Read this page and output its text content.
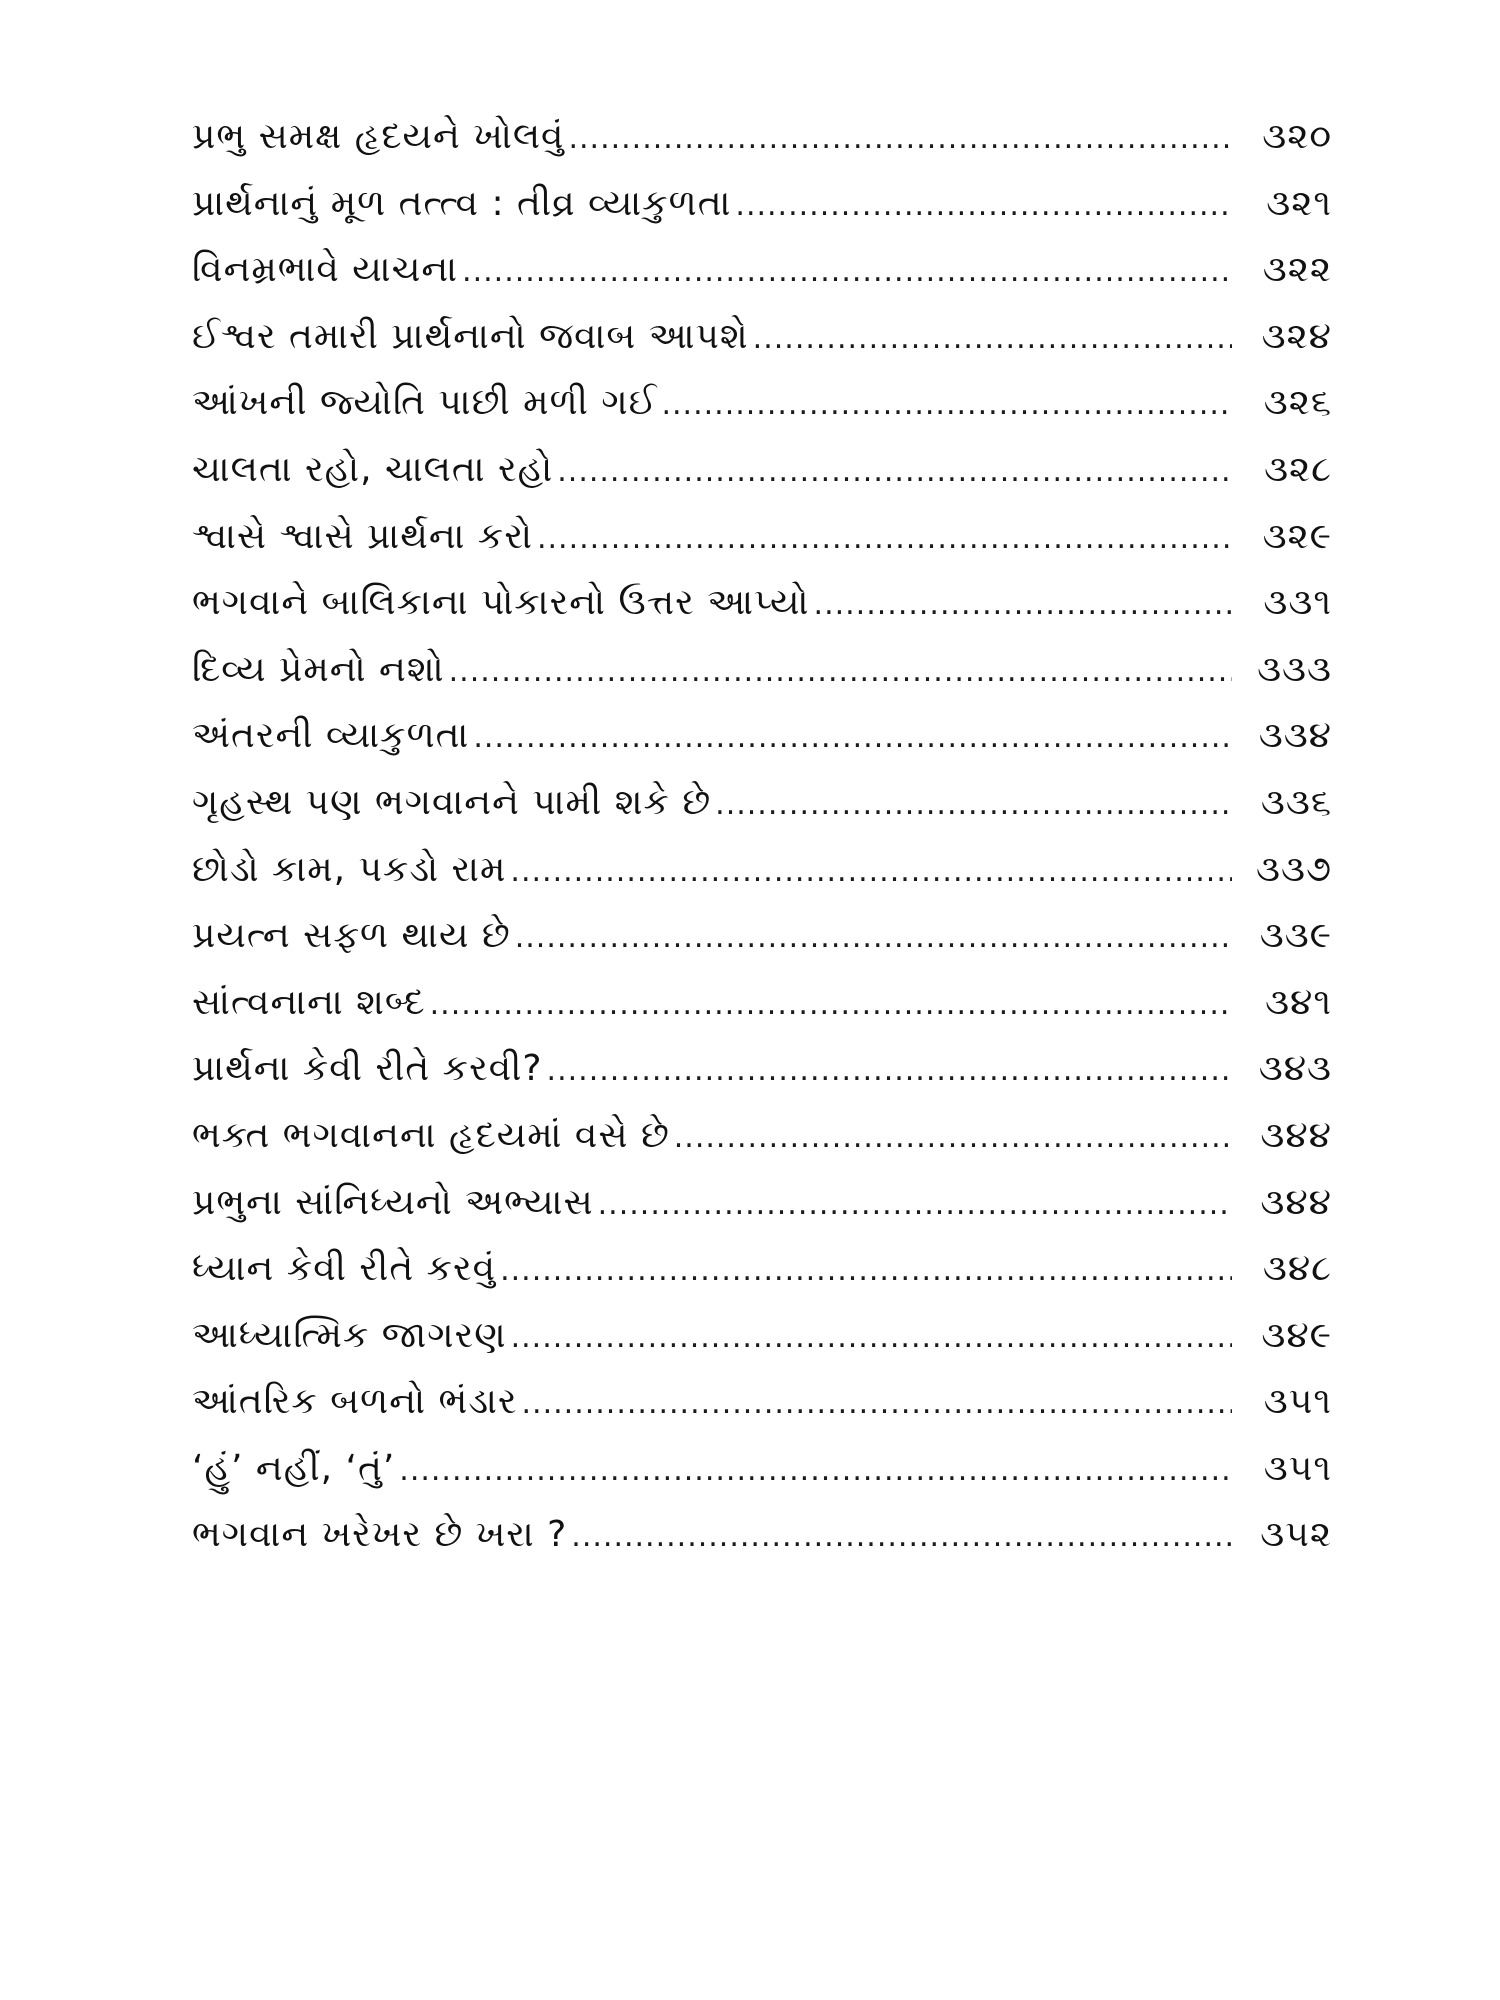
પ્રભુ સમક્ષ હૃદયને ખોલવું .....	૩૨૦
પ્રાર્થનાનું મૂળ તત્ત્વ : તીવ્ર વ્યાકુળતા .....	૩૨૧
વિનમ્રભાવે યાચના .....	૩૨૨
ઈશ્વર તમારી પ્રાર્થનાનો જવાબ આપશે .....	૩૨૪
આંખની જ્યોતિ પાછી મળી ગઈ .....	૩૨૬
ચાલતા રહો, ચાલતા રહો .....	૩૨૮
શ્વાસે શ્વાસે પ્રાર્થના કરો .....	૩૨૯
ભગવાને બાલિકાના પોકારનો ઉત્તર આપ્યો .....	૩૩૧
દિવ્ય પ્રેમનો નશો .....	૩૩૩
અંતરની વ્યાકુળતા .....	૩૩૪
ગૃહસ્થ પણ ભગવાનને પામી શકે છે .....	૩૩૬
છોડો કામ, પકડો રામ .....	૩૩૭
પ્રયત્ન સફળ થાય છે .....	૩૩૯
સાંત્વનાના શબ્દ .....	૩૪૧
પ્રાર્થના કેવી રીતે કરવી? .....	૩૪૩
ભક્ત ભગવાનના હૃદયમાં વસે છે .....	૩૪૪
પ્રભુના સાંનિધ્યનો અભ્યાસ .....	૩૪૪
ધ્યાન કેવી રીતે કરવું .....	૩૪૮
આધ્યાત્મિક જાગરણ .....	૩૪૯
આંતરિક બળનો ભંડાર .....	૩૫૧
‘હું’ નહીં, ‘તું’ .....	૩૫૧
ભગવાન ખરેખર છે ખરા ? .....	૩૫૨
